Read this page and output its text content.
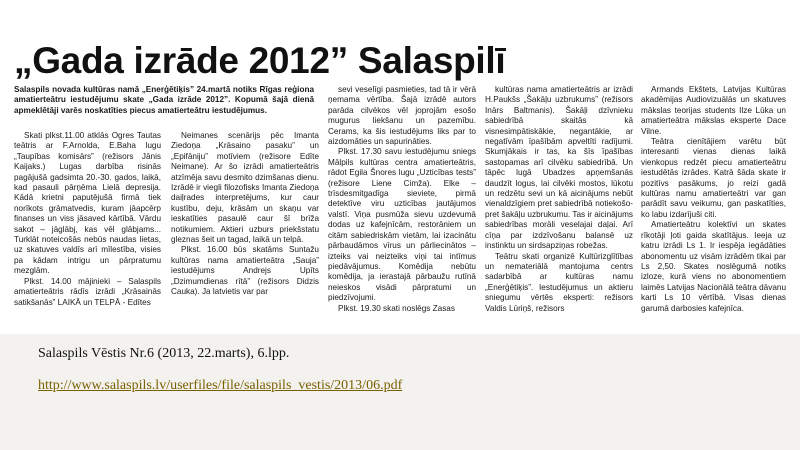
„Gada izrāde 2012” Salaspilī

Skati plkst.11.00 atklās Ogres Tautas teātris ar F.Arnolda, E.Baha lugu „Taupības komisārs” (režisors Jānis Kaijaks.) Lugas darbība risinās pagājušā gadsimta 20.-30. gados, laikā, kad pasauli pārņēma Lielā depresija. Kādā krietni paputējušā firmā tiek norīkots grāmatvedis, kuram jāapcērp finanses un viss jāsaved kārtībā. Vārdu sakot – jāglābj, kas vēl glābjams... Turklāt noteicošās nebūs naudas lietas, uz skatuves valdīs arī mīlestība, visies pa kādam intrigu un pārpratumu mezglām.

Plkst. 14.00 mājinieki – Salaspils amatierteātris rādīs izrādi „Krāsainās satikšanās” LAIKĀ un TELPĀ - Edītes

Neimanes scenārijs pēc Imanta Ziedoņa „Krāsaino pasaku” un „Epifāniju” motīviem (režisore Edīte Neimane). Ar šo izrādi amatierteātris atzīmēja savu desmito dzimšanas dienu. Izrādē ir viegli filozofisks Imanta Ziedoņa daiļrades interpretējums, kur caur kustību, deju, krāsām un skaņu var ieskatīties pasaulē caur šī brīža notikumiem. Aktieri uzburs priekšstatu gleznas šeit un tagad, laikā un telpā.

Plkst. 16.00 būs skatāms Suntažu kultūras nama amatierteātra „Sauja” iestudējums Andrejs Upīts „Dzimumdienas rītā” (režisors Didzis Cauka). Ja latvietis var par

sevi veselīgi pasmieties, tad tā ir vērā ņemama vērtība. Šajā izrādē autors parāda cilvēkos vēl joprojām esošo mugurus liekšanu un pazemību. Cerams, ka šis iestudējums liks par to aizdomāties un sapurināties.

Plkst. 17.30 savu iestudējumu sniegs Mālpils kultūras centra amatierteātris, rādot Egila Šnores lugu „Uzticības tests” (režisore Liene Cimža). Elke – trīsdesmitgadīga sieviete, pirmā detektīve viru uzticības jautājumos valstī. Viņa pusmūža sievu uzdevumā dodas uz kafejnīcām, restorāniem un citām sabiedriskām vietām, lai izacinātu pārbaudāmos vīrus un pārliecinātos – izteiks vai neizteiks viņi tai intīmus piedāvājumus. Komēdija nebūtu komēdija, ja ierastajā pārbaužu rutīnā neieskos visādi pārpratumi un piedzīvojumi.

Plkst. 19.30 skati noslēgs Zasas

kultūras nama amatierteātris ar izrādi H.Paukšs „Šakāļu uzbrukums” (režisors Inārs Baltmanis). Šakāļi dzīvnieku sabiedrībā skaitās kā visnesimpātiskākie, negantākie, ar negatīvām īpašībām apveltīti radījumi. Skumjākais ir tas, ka šīs īpašības sastopamas arī cilvēku sabiedrībā. Un tāpēc lugā Ubadzes apņemšanās daudzīt logus, lai cilvēki mostos, lūkotu un redzētu sevi un kā aicinājums nebūt vienaldzīgiem pret sabiedrībā notiekošo-pret šakāļu uzbrukumu. Tas ir aicinājums sabiedrības morāli veselajai daļai. Arī cīņa par izdzīvošanu balansē uz instinktu un sirdsapziņas robežas.

Teātru skati organizē Kultūrizglītības un nemateriālā mantojuma centrs sadarbībā ar kultūras namu „Enerģētiķis”. Iestudējumus un aktieru sniegumu vērtēs eksperti: režisors Valdis Lūriņš, režisors

Armands Ekštets, Latvijas Kultūras akadēmijas Audiovizuālās un skatuves mākslas teorijas students Ilze Lūka un amatierteātra mākslas eksperte Dace Vilne.

Teātra cienītājiem varētu būt interesanti vienas dienas laikā vienkopus redzēt piecu amatierteātru iestudētās izrādes. Katrā šāda skate ir pozitīvs pasākums, jo reizi gadā kultūras namu amatierteātri var gan parādīt savu veikumu, gan paskatīties, ko labu izdarījuši citi.

Amatierteātru kolektīvi un skates rīkotāji ļoti gaida skatītājus. Ieeja uz katru izrādi Ls 1. Ir iespēja iegādāties abonomentu uz visām izrādēm tikai par Ls 2,50. Skates noslēgumā notiks izloze, kurā viens no abonomentiem laimēs Latvijas Nacionālā teātra dāvanu karti Ls 10 vērtībā. Visas dienas garumā darbosies kafejnīca.

Salaspils novada kultūras namā „Enerģētiķis” 24.martā notiks Rīgas reģiona amatierteātru iestudējumu skate „Gada izrāde 2012”. Kopumā šajā dienā apmeklētāji varēs noskatīties piecus amatierteātru iestudējumus.
Salaspils Vēstis Nr.6 (2013, 22.marts), 6.lpp.
http://www.salaspils.lv/userfiles/file/salaspils_vestis/2013/06.pdf
